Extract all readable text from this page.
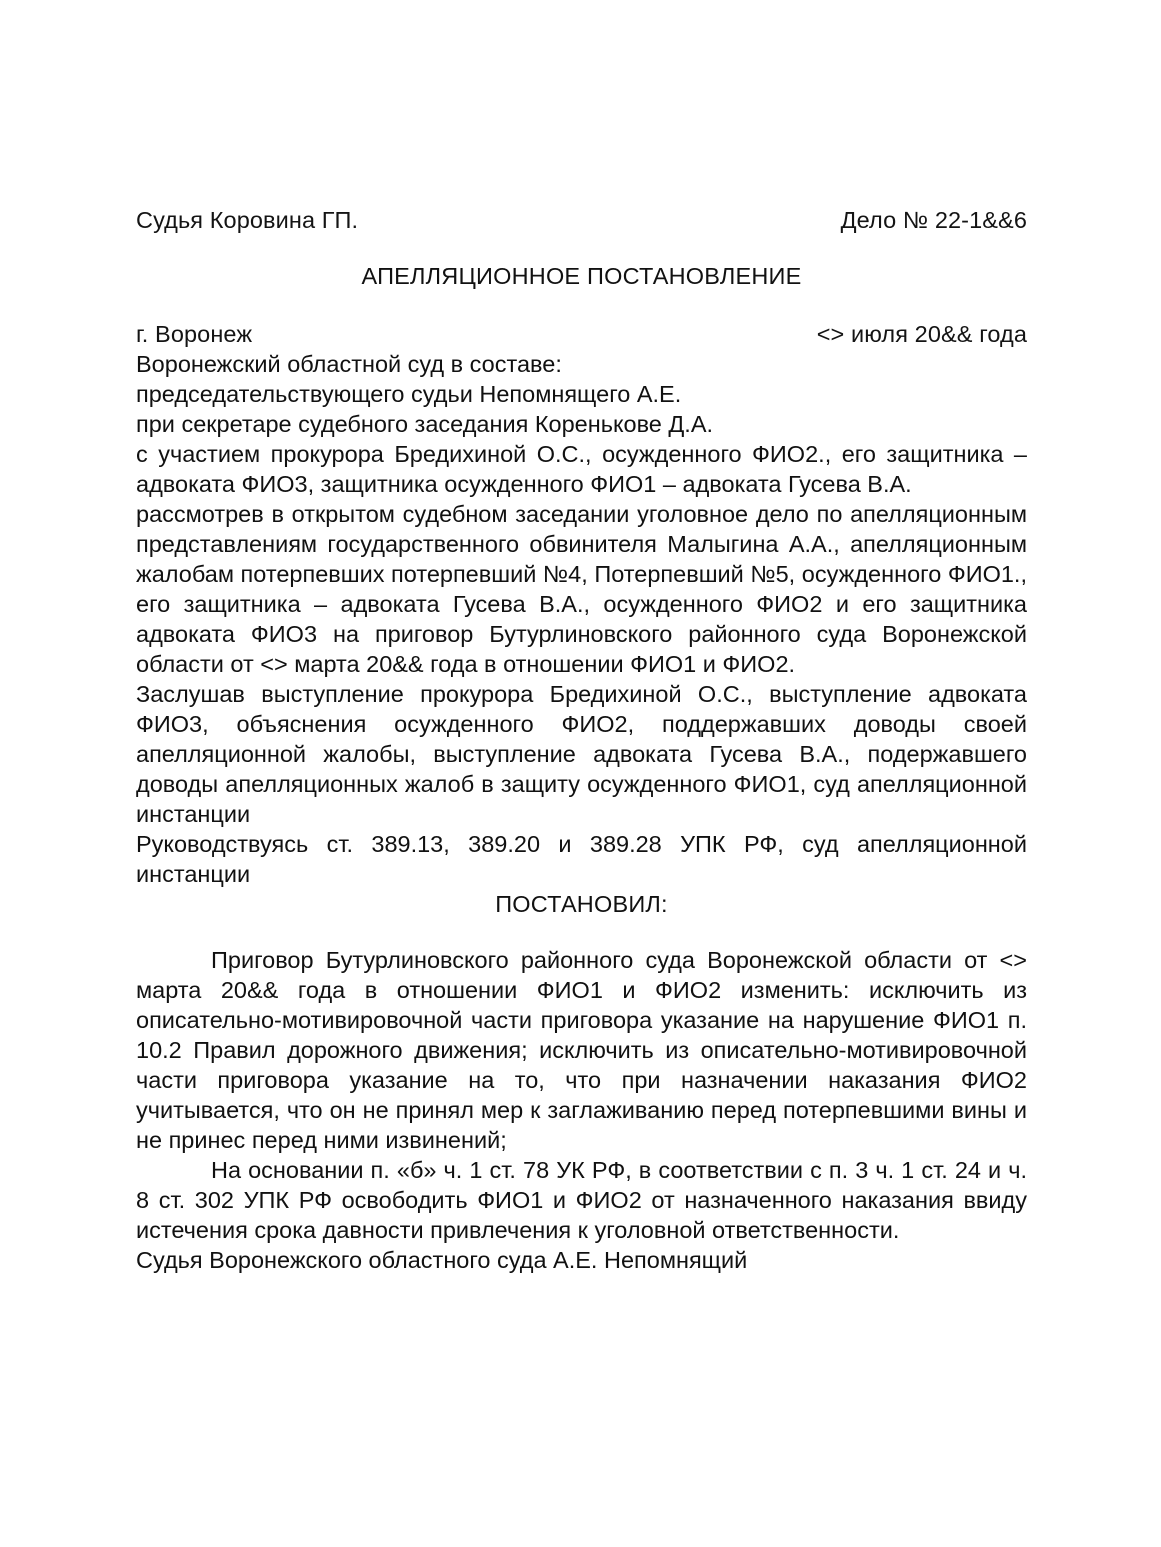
Судья Коровина ГП.	Дело № 22-1&&6
АПЕЛЛЯЦИОННОЕ ПОСТАНОВЛЕНИЕ
г. Воронеж	<> июля 20&& года

Воронежский областной суд в составе:

председательствующего судьи Непомнящего А.Е.

при секретаре судебного заседания Коренькове Д.А.

с участием прокурора Бредихиной О.С., осужденного ФИО2., его защитника – адвоката ФИО3, защитника осужденного ФИО1 – адвоката Гусева В.А.

рассмотрев в открытом судебном заседании уголовное дело по апелляционным представлениям государственного обвинителя Малыгина А.А., апелляционным жалобам потерпевших потерпевший №4, Потерпевший №5, осужденного ФИО1., его защитника – адвоката Гусева В.А., осужденного ФИО2 и его защитника адвоката ФИО3 на приговор Бутурлиновского районного суда Воронежской области от <> марта 20&& года в отношении ФИО1 и ФИО2.

Заслушав выступление прокурора Бредихиной О.С., выступление адвоката ФИО3, объяснения осужденного ФИО2, поддержавших доводы своей апелляционной жалобы, выступление адвоката Гусева В.А., подержавшего доводы апелляционных жалоб в защиту осужденного ФИО1, суд апелляционной инстанции

Руководствуясь ст. 389.13, 389.20 и 389.28 УПК РФ, суд апелляционной инстанции

ПОСТАНОВИЛ:

Приговор Бутурлиновского районного суда Воронежской области от <> марта 20&& года в отношении ФИО1 и ФИО2 изменить: исключить из описательно-мотивировочной части приговора указание на нарушение ФИО1 п. 10.2 Правил дорожного движения; исключить из описательно-мотивировочной части приговора указание на то, что при назначении наказания ФИО2 учитывается, что он не принял мер к заглаживанию перед потерпевшими вины и не принес перед ними извинений;

На основании п. «б» ч. 1 ст. 78 УК РФ, в соответствии с п. 3 ч. 1 ст. 24 и ч. 8 ст. 302 УПК РФ освободить ФИО1 и ФИО2 от назначенного наказания ввиду истечения срока давности привлечения к уголовной ответственности.

Судья Воронежского областного суда А.Е. Непомнящий
